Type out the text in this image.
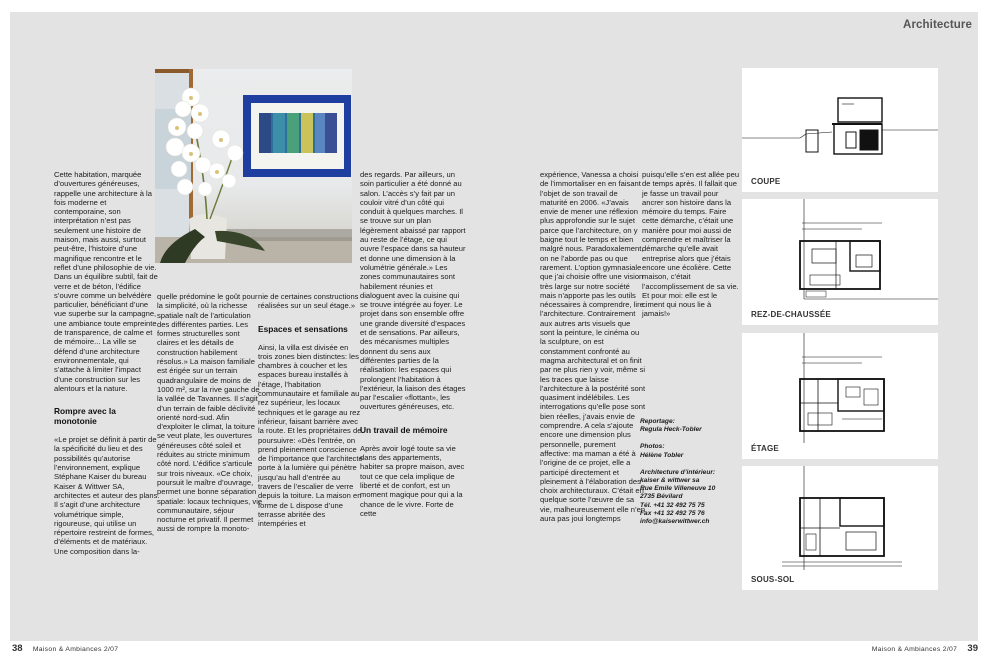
Architecture

Cette habitation, marquée d’ouvertures généreuses, rappelle une architecture à la fois moderne et contemporaine, son interprétation n’est pas seulement une histoire de maison, mais aussi, surtout peut-être, l’histoire d’une magnifique rencontre et le reflet d’une philosophie de vie. Dans un équilibre subtil, fait de verre et de béton, l’édifice s’ouvre comme un belvédère particulier, bénéficiant d’une vue superbe sur la campagne, une ambiance toute empreinte de transparence, de calme et de mémoire... La ville se défend d’une architecture environnementale, qui s’attache à limiter l’impact d’une construction sur les alentours et la nature.

Rompre avec la monotonie

«Le projet se définit à partir de la spécificité du lieu et des possibilités qu’autorise l’environnement, explique Stéphane Kaiser du bureau Kaiser & Wittwer SA, architectes et auteur des plans. Il s’agit d’une architecture volumétrique simple, rigoureuse, qui utilise un répertoire restreint de formes, d’éléments et de matériaux. Une composition dans la-

quelle prédomine le goût pour la simplicité, où la richesse spatiale naît de l’articulation des différentes parties. Les formes structurelles sont claires et les détails de construction habilement résolus.» La maison familiale est érigée sur un terrain quadrangulaire de moins de 1000 m², sur la rive gauche de la vallée de Tavannes. Il s’agit d’un terrain de faible déclivité orienté nord-sud. Afin d’exploiter le climat, la toiture se veut plate, les ouvertures généreuses côté soleil et réduites au stricte minimum côté nord. L’édifice s’articule sur trois niveaux. «Ce choix, poursuit le maître d’ouvrage, permet une bonne séparation spatiale: locaux techniques, vie communautaire, séjour nocturne et privatif. Il permet aussi de rompre la monoto-

nie de certaines constructions réalisées sur un seul étage.»

Espaces et sensations

Ainsi, la villa est divisée en trois zones bien distinctes: les chambres à coucher et les espaces bureau installés à l’étage, l’habitation communautaire et familiale au rez supérieur, les locaux techniques et le garage au rez inférieur, faisant barrière avec la route. Et les propriétaires de poursuivre: «Dès l’entrée, on prend pleinement conscience de l’importance que l’architecte porte à la lumière qui pénètre jusqu’au hall d’entrée au travers de l’escalier de verre depuis la toiture. La maison en forme de L dispose d’une terrasse abritée des intempéries et

des regards. Par ailleurs, un soin particulier a été donné au salon. L’accès s’y fait par un couloir vitré d’un côté qui conduit à quelques marches. Il se trouve sur un plan légèrement abaissé par rapport au reste de l’étage, ce qui ouvre l’espace dans sa hauteur et donne une dimension à la volumétrie générale.» Les zones communautaires sont habilement réunies et dialoguent avec la cuisine qui se trouve intégrée au foyer. Le projet dans son ensemble offre une grande diversité d’espaces et de sensations. Par ailleurs, des mécanismes multiples donnent du sens aux différentes parties de la réalisation: les espaces qui prolongent l’habitation à l’extérieur, la liaison des étages par l’escalier «flottant», les ouvertures généreuses, etc.

Un travail de mémoire

Après avoir logé toute sa vie dans des appartements, habiter sa propre maison, avec tout ce que cela implique de liberté et de confort, est un moment magique pour qui a la chance de le vivre. Forte de cette

expérience, Vanessa a choisi de l’immortaliser en en faisant l’objet de son travail de maturité en 2006. «J’avais envie de mener une réflexion plus approfondie sur le sujet parce que l’architecture, on y baigne tout le temps et bien malgré nous. Paradoxalement, on ne l’aborde pas ou que rarement. L’option gymnasiale que j’ai choisie offre une vision très large sur notre société mais n’apporte pas les outils nécessaires à comprendre, lire l’architecture. Contrairement aux autres arts visuels que sont la peinture, le cinéma ou la sculpture, on est constamment confronté au magma architectural et on finit par ne plus rien y voir, même si les traces que laisse l’architecture à la postérité sont quasiment indélébiles. Les interrogations qu’elle pose sont bien réelles, j’avais envie de comprendre. A cela s’ajoute encore une dimension plus personnelle, purement affective: ma maman a été à l’origine de ce projet, elle a participé directement et pleinement à l’élaboration des choix architecturaux. C’était en quelque sorte l’œuvre de sa vie, malheureusement elle n’en aura pas joui longtemps

puisqu’elle s’en est allée peu de temps après. Il fallait que je fasse un travail pour ancrer son histoire dans la mémoire du temps. Faire cette démarche, c’était une manière pour moi aussi de comprendre et maîtriser la démarche qu’elle avait entreprise alors que j’étais encore une écolière. Cette maison, c’était l’accomplissement de sa vie. Et pour moi: elle est le ciment qui nous lie à jamais!»

Reportage:
Regula Heck-Tobler
Photos:
Hélène Tobler
Architecture d’intérieur:
kaiser & wittwer sa
Rue Emile Villeneuve 10
2735 Bévilard
Tél. +41 32 492 75 75
Fax +41 32 492 75 76
info@kaiserwittwer.ch
COUPE
REZ-DE-CHAUSSÉE
ÉTAGE
SOUS-SOL
38 Maison & Ambiances 2/07	Maison & Ambiances 2/07 39
